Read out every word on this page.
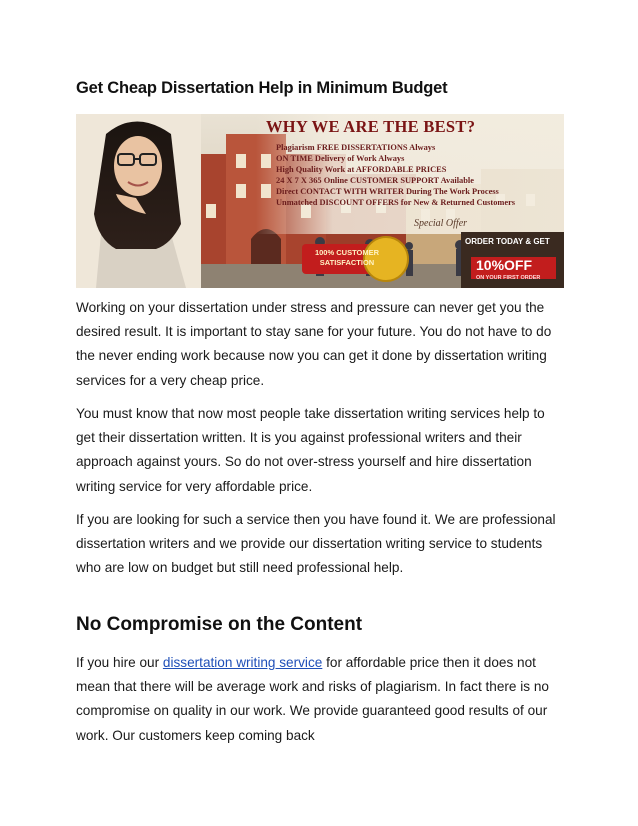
Get Cheap Dissertation Help in Minimum Budget
WHY WE ARE THE BEST?
Plagiarism FREE DISSERTATIONS Always
ON TIME Delivery of Work Always
High Quality Work at AFFORDABLE PRICES
24 X 7 X 365 Online CUSTOMER SUPPORT Available
Direct CONTACT WITH WRITER During The Work Process
Unmatched DISCOUNT OFFERS for New & Returned Customers
Special Offer
100% CUSTOMER SATISFACTION
ORDER TODAY & GET
10%OFF
ON YOUR FIRST ORDER

Working on your dissertation under stress and pressure can never get you the desired result. It is important to stay sane for your future. You do not have to do the never ending work because now you can get it done by dissertation writing services for a very cheap price.

You must know that now most people take dissertation writing services help to get their dissertation written. It is you against professional writers and their approach against yours. So do not over-stress yourself and hire dissertation writing service for very affordable price.

If you are looking for such a service then you have found it. We are professional dissertation writers and we provide our dissertation writing service to students who are low on budget but still need professional help.

No Compromise on the Content

If you hire our dissertation writing service for affordable price then it does not mean that there will be average work and risks of plagiarism. In fact there is no compromise on quality in our work. We provide guaranteed good results of our work. Our customers keep coming back
